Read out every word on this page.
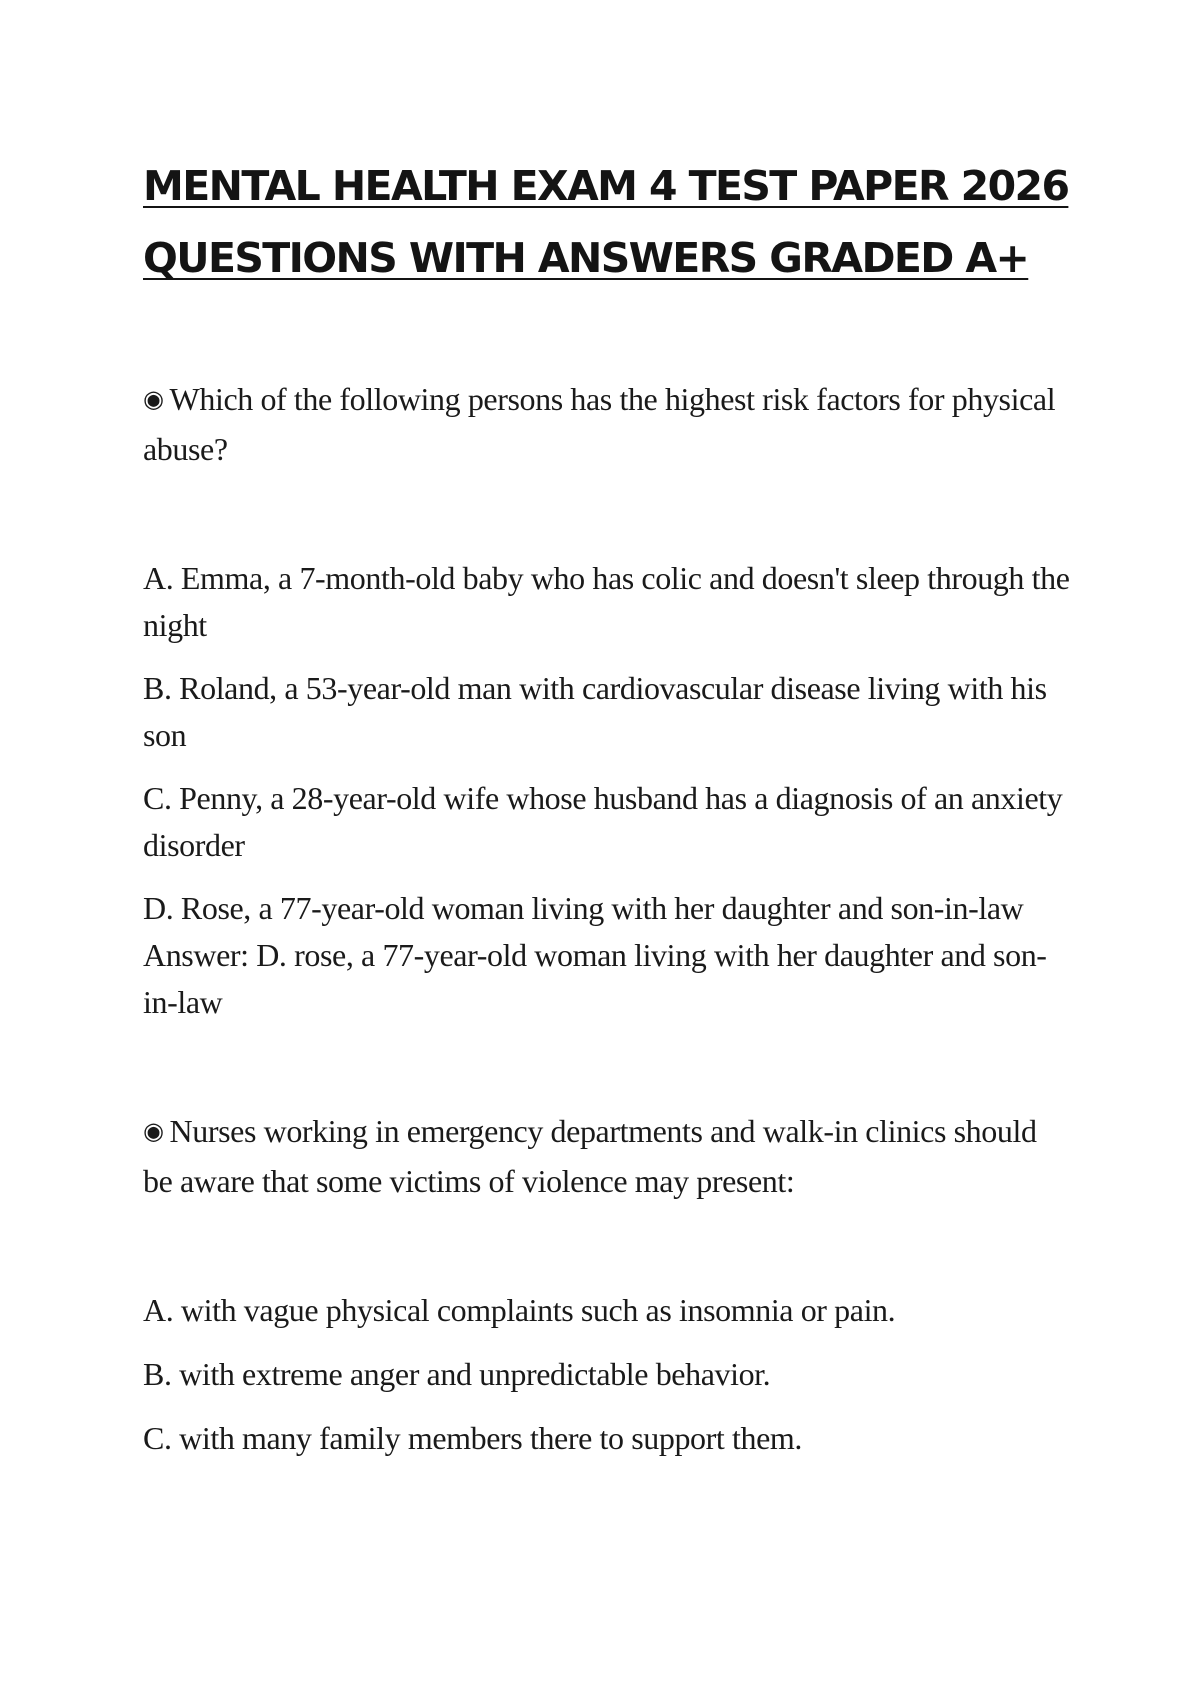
MENTAL HEALTH EXAM 4 TEST PAPER 2026
QUESTIONS WITH ANSWERS GRADED A+

◉ Which of the following persons has the highest risk factors for physical abuse?

A. Emma, a 7-month-old baby who has colic and doesn't sleep through the night

B. Roland, a 53-year-old man with cardiovascular disease living with his son

C. Penny, a 28-year-old wife whose husband has a diagnosis of an anxiety disorder

D. Rose, a 77-year-old woman living with her daughter and son-in-law Answer: D. rose, a 77-year-old woman living with her daughter and son-in-law

◉ Nurses working in emergency departments and walk-in clinics should be aware that some victims of violence may present:

A. with vague physical complaints such as insomnia or pain.

B. with extreme anger and unpredictable behavior.

C. with many family members there to support them.
